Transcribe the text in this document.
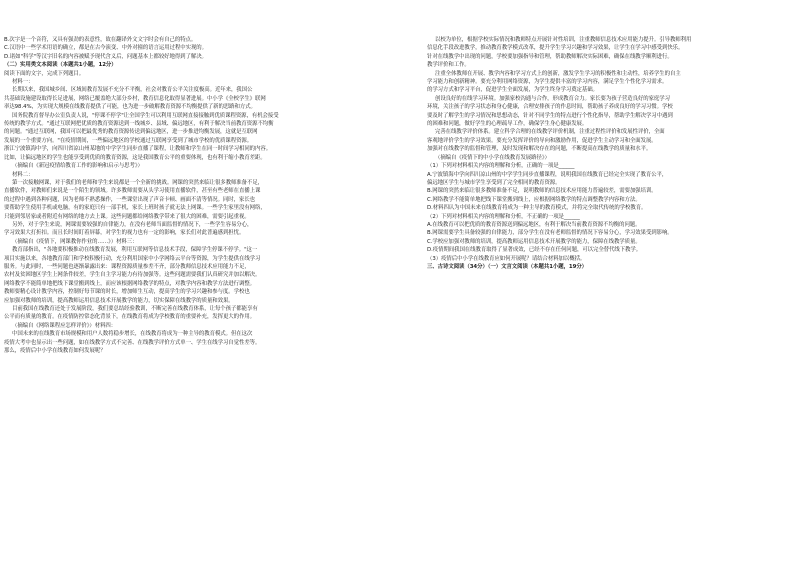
B.次字是一个音符，又具有强劲的表意性，故在翻译外文文字时会有自己的特点。

C.汉语中一些学术用语的确立，都是在古今演变、中外对撞的语言运用过程中实现的。

D.诸如"科学"等汉字旧名的内容被赋予现代含义后，问题基本上都较好地得到了解决。

（二）实用类文本阅读（本题共1小题，12分）

阅读下面的文字，完成下列题目。

材料一：

长期以来，我国城乡间、区域间教育发展不充分不平衡，社会对教育公平关注度极高。近年来，我国公

共基础设施建设取得长足进展，网络已覆盖绝大部分乡村，教育信息化取得显著进展。中小学《全校学生》联网

率达98.4%，为实现大规模在线教育提供了可能，也为进一步破解教育资源不均衡提供了新的思路和方式。

国务院教育督导办公室负责人说，"停课不停学"让全国学生可以利用互联网直接接触到优质课程资源，有机会接受

传统的教学方式。"通过互联网把优质的教育资源送到一线城乡、县域、偏远地区，有利于解决当前教育资源不均衡

的问题。"通过互联网，我国可以把最优秀的教育资源传送到偏远地区，进一步推进均衡发展，这就是互联网

发展的一个重要方向。"在疫情期间，一些偏远地区的学校通过互联网享受到了城市学校的优质课程资源。

浙江宁波镇海中学，向四川省凉山州某地的中学学生同步直播了课程，让教师和学生在同一时间学习相同的内容。

比如，让偏远地区的学生也能享受到优质的教育资源，这是我国教育公平的重要体现，也有利于缩小教育差距。

（摘编自《新冠疫情给教育工作的影响和启示与思考》）

材料二：

第一次接触网课，对于我们的老师和学生来说都是一个全新的挑战。网课的突然来临让很多教师准备不足，

直播软件，对教师们来说是一个陌生的领域。许多教师需要从头学习使用直播软件，甚至有些老师在直播上课

的过程中遇到各种问题，因为老师不熟悉操作，一些课堂出现了声音卡顿、画面不清等情况。同时，家长也

要帮助学生使用手机或电脑，有的家庭只有一部手机，家长上班时孩子就无法上网课。一些学生家里没有网络，

只能到邻居家或者附近有网络的地方去上课。这些问题都给网络教学带来了很大的困难，需要引起重视。

另外，对于学生来说，网课需要较强的自律能力，在没有老师当面监督的情况下，一些学生容易分心，

学习效果大打折扣。而且长时间盯着屏幕，对学生的视力也有一定的影响，家长们对此普遍感到担忧。

（摘编自《疫情下，网课教你作业的……》）材料三：

教育部指出，"各地要积极推动在线教育发展，利用互联网等信息技术手段，保障学生停课不停学。"这一

项目实施以来，各地教育部门和学校积极行动，充分利用国家中小学网络云平台等资源，为学生提供在线学习

服务。与此同时，一些问题也逐渐暴露出来：课程资源质量参差不齐，部分教师信息技术应用能力不足，

农村及贫困地区学生上网条件较差，学生自主学习能力有待加强等。这些问题需要我们认真研究并加以解决。

网络教学不能简单地把线下课堂搬到线上，而应该根据网络教学的特点，对教学内容和教学方法进行调整。

教师要精心设计教学内容，控制好每节课的时长，增加师生互动，提高学生的学习兴趣和参与度。学校也

应加强对教师的培训，提高教师运用信息技术开展教学的能力，切实保障在线教学的质量和效果。

目前我国在线教育还处于发展阶段，我们要总结经验教训，不断完善在线教育体系，让每个孩子都能享有

公平而有质量的教育。在疫情防控常态化背景下，在线教育将成为学校教育的重要补充，发挥更大的作用。

（摘编自《网络课程应怎样评价》）材料四：

中国未来的在线教育市场规模和用户人数将稳步增长，在线教育将成为一种主导的教育模式。但在这次

疫情大考中也显示出一些问题，如在线教学方式不完善、在线教学评价方式单一、学生在线学习自觉性差等。

那么，疫情后中小学在线教育如何发展呢？

以校为单位，根据学校实际情况和教师特点开展针对性培训，注重教师信息技术应用能力提升。引导教师利用

信息化手段改进教学，推动教育教学模式改革，提升学生学习兴趣和学习效果，让学生在学习中感受到快乐。

针对在线教学中出现的问题，学校要加强指导和管理，帮助教师解决实际困难，确保在线教学顺利进行。

教学评价和工作。

注重全体教师在开展、教学内容和学习方式上的创新，激发学生学习的积极性和主动性，培养学生的自主

学习能力和创新精神。要充分利用网络资源，为学生提供丰富的学习内容，满足学生个性化学习需求。

的学习方式和学习平台，促进学生全面发展，为学生终身学习奠定基础。

创设良好的在线学习环境。加强家校沟通与合作，形成教育合力。家长要为孩子营造良好的家庭学习

环境，关注孩子的学习状态和身心健康，合理安排孩子的作息时间，帮助孩子养成良好的学习习惯。学校

要及时了解学生的学习情况和思想动态，针对不同学生的特点进行个性化指导，帮助学生解决学习中遇到

的困难和问题，做好学生的心理疏导工作，确保学生身心健康发展。

完善在线教学评价体系。建立科学合理的在线教学评价机制，注重过程性评价和发展性评价，全面

客观地评价学生的学习效果。要充分发挥评价的导向和激励作用，促进学生主动学习和全面发展。

加强对在线教学的监督和管理，及时发现和解决存在的问题，不断提高在线教学的质量和水平。

（摘编自《疫情下的中小学在线教育发展路径》）

（1）下列对材料相关内容的理解和分析，正确的一项是______

A.宁波镇海中学向四川凉山州的中学学生同步直播课程，说明我国在线教育已经完全实现了教育公平，

偏远地区学生与城市学生享受到了完全相同的教育资源。

B.网课的突然来临让很多教师准备不足，说明教师的信息技术应用能力普遍较差，需要加强培训。

C.网络教学不能简单地把线下课堂搬到线上，应根据网络教学的特点调整教学内容和方法。

D.材料四认为中国未来在线教育将成为一种主导的教育模式，并将完全取代传统的学校教育。

（2）下列对材料相关内容的理解和分析，不正确的一项是______

A.在线教育可以把优质的教育资源送到偏远地区，有利于解决当前教育资源不均衡的问题。

B.网课需要学生具备较强的自律能力，部分学生在没有老师监督的情况下容易分心，学习效果受到影响。

C.学校应加强对教师的培训，提高教师运用信息技术开展教学的能力，保障在线教学质量。

D.疫情期间我国在线教育取得了显著成效，已经不存在任何问题，可以完全替代线下教学。

（3）疫情后中小学在线教育应如何开展呢？请结合材料加以概括。

三、古诗文阅读（34分）（一）文言文阅读（本题共1小题，19分）
